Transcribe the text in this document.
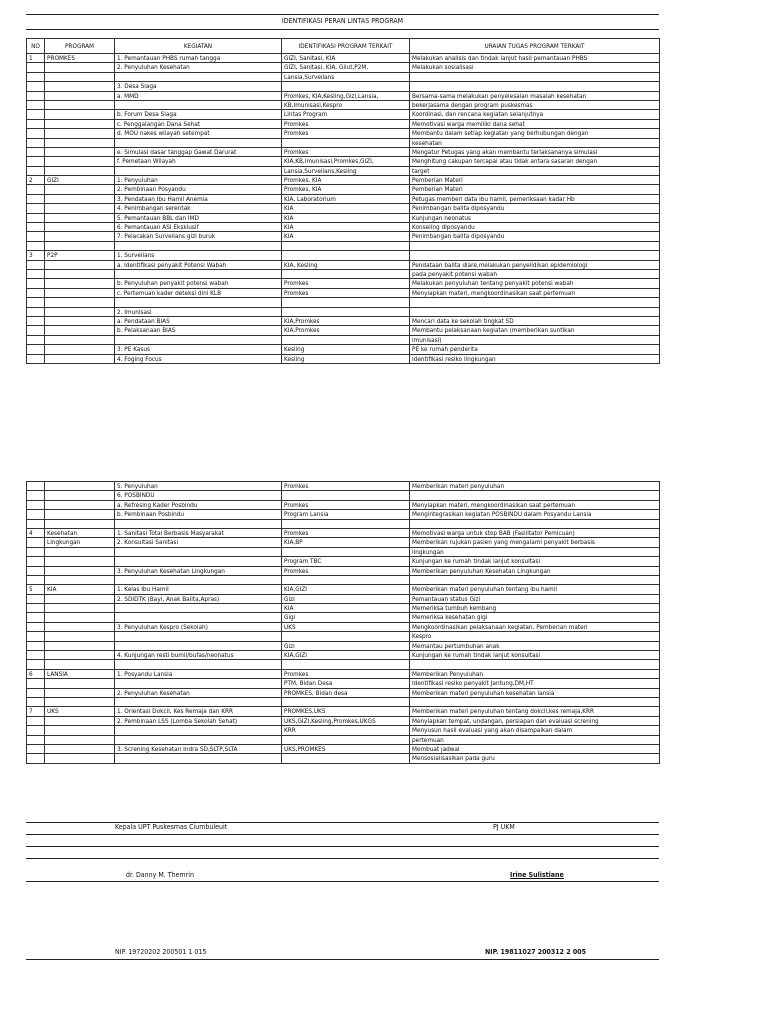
IDENTIFIKASI PERAN LINTAS PROGRAM
NO	PROGRAM	KEGIATAN	IDENTIFIKASI PROGRAM TERKAIT	URAIAN TUGAS PROGRAM TERKAIT
1	PROMKES	1. Pemantauan PHBS rumah tangga	GIZI, Sanitasi, KIA	Melakukan analisis dan tindak lanjut hasil pemantauan PHBS
		2. Penyuluhan Kesehatan	GIZI, Sanitasi, KIA, Gilut,P2M,	Melakukan sosialisasi
			Lansia,Surveilans	
		3. Desa Siaga		
		a. MMD	Promkes, KIA,Kesling,Gizi,Lansia,	Bersama-sama melakukan penyelesaian masalah kesehatan
			KB,Imunisasi,Kespro	bekerjasama dengan program puskesmas
		b. Forum Desa Siaga	Lintas Program	Koordinasi, dan rencana kegiatan selanjutnya
		c. Penggalangan Dana Sehat	Promkes	Memotivasi warga memiliki dana sehat
		d. MOU nakes wilayah setempat	Promkes	Membantu dalam setiap kegiatan yang berhubungan dengan
				kesehatan
		e. Simulasi dasar tanggap Gawat Darurat	Promkes	Mengatur Petugas yang akan membantu terlaksananya simulasi
		f. Pemetaan Wilayah	KIA,KB,Imunisasi,Promkes,GIZI,	Menghitung cakupan tercapai atau tidak antara sasaran dengan
			Lansia,Surveilans,Kesling	target
2	GIZI	1. Penyuluhan	Promkes, KIA	Pemberian Materi
		2. Pembinaan Posyandu	Promkes, KIA	Pemberian Materi
		3. Pendataan Ibu Hamil Anemia	KIA, Laboratorium	Petugas memberi data ibu hamil, pemeriksaan kadar Hb
		4. Penimbangan serentak	KIA	Penimbangan balita diposyandu
		5. Pemantauan BBL dan IMD	KIA	Kunjungan neonatus
		6. Pemantauan ASI Eksklusif	KIA	Konseling diposyandu
		7. Pelacakan Surveilans gizi buruk	KIA	Penimbangan balita diposyandu

3	P2P	1. Surveilans		
		a. Identifikasi penyakit Potensi Wabah	KIA, Kesling	Pendataan balita diare,melakukan penyelidikan epidemiologi
				pada penyakit potensi wabah
		b. Penyuluhan penyakit potensi wabah	Promkes	Melakukan penyuluhan tentang penyakit potensi wabah
		c. Pertemuan kader deteksi dini KLB	Promkes	Menyiapkan materi, mengkoordinasikan saat pertemuan

		2. Imunisasi		
		a. Pendataan BIAS	KIA,Promkes	Mencari data ke sekolah tingkat SD
		b. Pelaksanaan BIAS	KIA,Promkes	Membantu pelaksanaan kegiatan (memberikan suntikan
				imunisasi)
		3. PE Kasus	Kesling	PE ke rumah penderita
		4. Foging Focus	Kesling	Identifikasi resiko lingkungan
		5. Penyuluhan	Promkes	Memberikan materi penyuluhan
		6. POSBINDU		
		a. Refresing Kader Posbindu	Promkes	Menyiapkan materi, mengkoordinasikan saat pertemuan
		b. Pembinaan Posbindu	Program Lansia	Mengintegrasikan kegiatan POSBINDU dalam Posyandu Lansia

4	Kesehatan	1. Sanitasi Total Berbasis Masyarakat	Promkes	Memotivasi warga untuk stop BAB (Fasilitator Pemicuan)
	Lingkungan	2. Konsultasi Sanitasi	KIA,BP	Memberikan rujukan pasien yang mengalami penyakit berbasis
				lingkungan
			Program TBC	Kunjungan ke rumah tindak lanjut konsultasi
		3. Penyuluhan Kesehatan Lingkungan	Promkes	Memberikan penyuluhan Kesehatan Lingkungan

5	KIA	1. Kelas Ibu Hamil	KIA,GIZI	Memberikan materi penyuluhan tentang ibu hamil
		2. SDIDTK (Bayi, Anak Balita,Apras)	Gizi	Pemantauan status Gizi
			KIA	Memeriksa tumbuh kembang
			Gigi	Memeriksa kesehatan gigi
		3. Penyuluhan Kespro (Sekolah)	UKS	Mengkoordinasikan pelaksanaan kegiatan, Pemberian materi
				Kespro
			Gizi	Memantau pertumbuhan anak
		4. Kunjungan resti bumil/bufas/neonatus	KIA,GIZI	Kunjungan ke rumah tindak lanjut konsultasi

6	LANSIA	1. Posyandu Lansia	Promkes	Memberikan Penyuluhan
			PTM, Bidan Desa	Identifikasi resiko penyakit Jantung,DM,HT
		2. Penyuluhan Kesehatan	PROMKES, Bidan desa	Memberikan materi penyuluhan kesehatan lansia

7	UKS	1. Orientasi Dokcil, Kes Remaja dan KRR	PROMKES,UKS	Memberikan materi penyuluhan tentang dokcil,kes remaja,KRR
		2. Pembinaan LSS (Lomba Sekolah Sehat)	UKS,GIZI,Kesling,Promkes,UKGS	Menyiapkan tempat, undangan, persiapan dan evaluasi screning
			KRR	Menyusun hasil evaluasi yang akan disampaikan dalam
				pertemuan
		3. Screning Kesehatan Indra SD,SLTP,SLTA	UKS,PROMKES	Membuat jadwal
				Mensosialisasikan pada guru
Kepala UPT Puskesmas Ciumbuleuit	PJ UKM
dr. Danny M. Themrin	Irine Sulistiane
NIP. 19720202 200501 1 015	NIP. 19811027 200312 2 005
